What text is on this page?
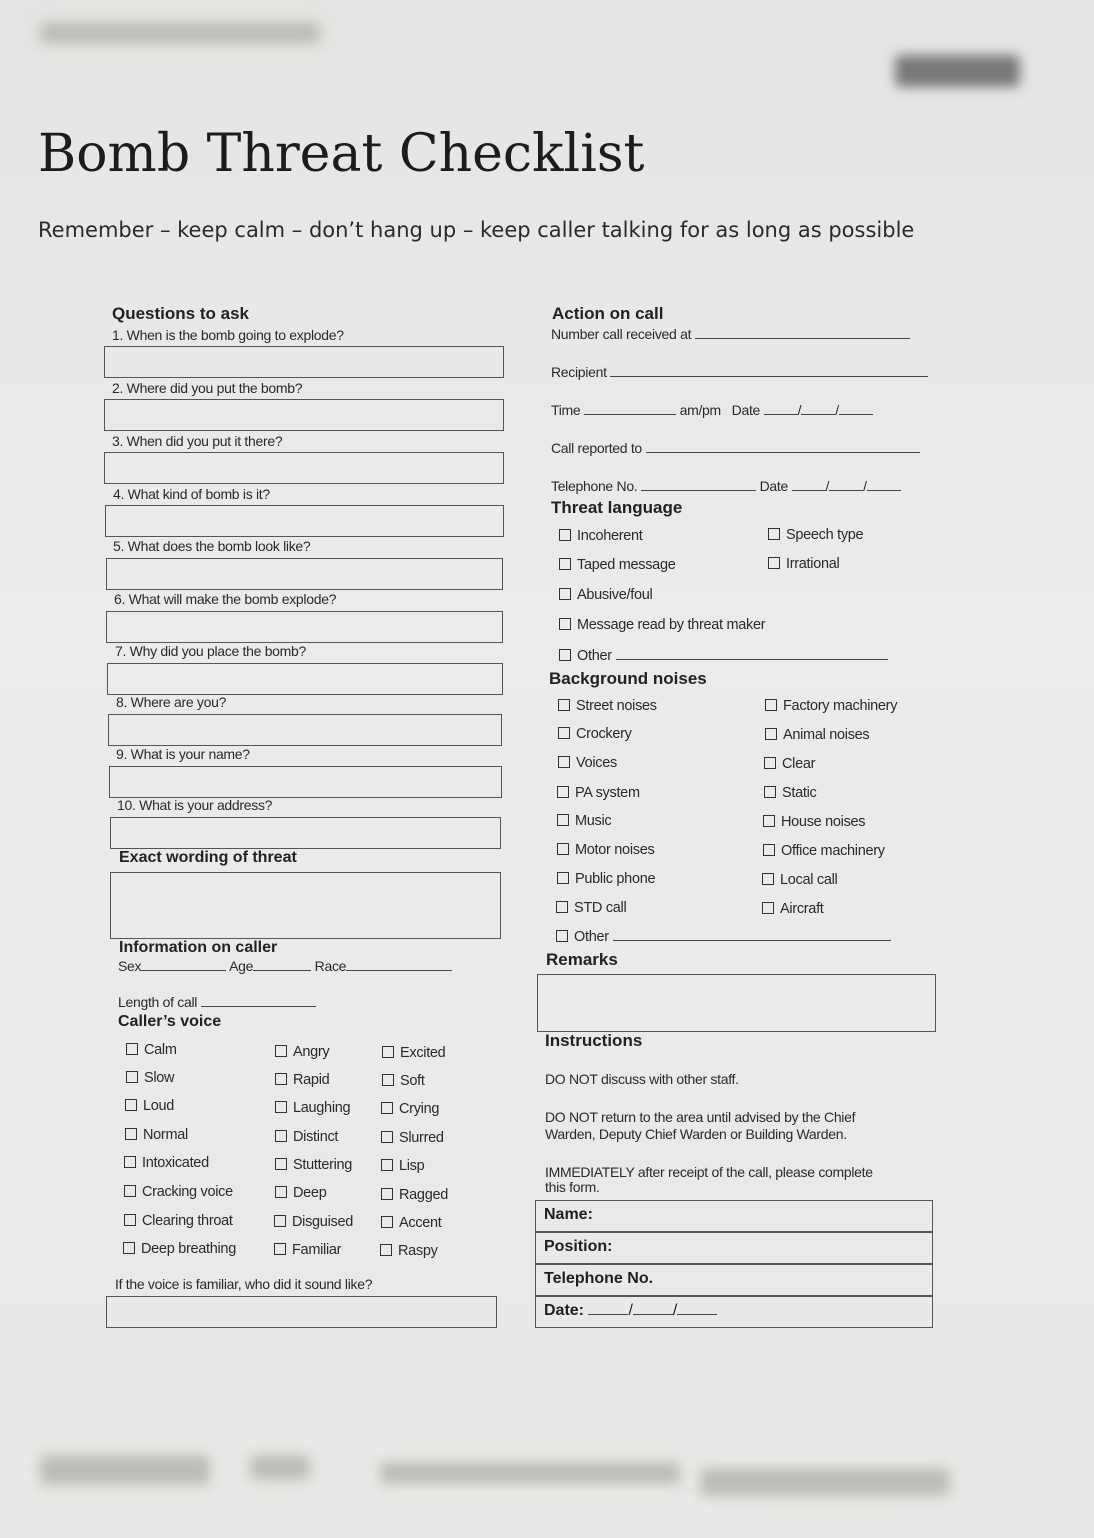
Bomb Threat Checklist
Remember – keep calm – don’t hang up – keep caller talking for as long as possible
Questions to ask
1. When is the bomb going to explode?
2. Where did you put the bomb?
3. When did you put it there?
4. What kind of bomb is it?
5. What does the bomb look like?
6. What will make the bomb explode?
7. Why did you place the bomb?
8. Where are you?
9. What is your name?
10. What is your address?
Exact wording of threat
Information on caller
Sex	Age	Race
Length of call
Caller’s voice
Calm
Slow
Loud
Normal
Intoxicated
Cracking voice
Clearing throat
Deep breathing
Angry
Rapid
Laughing
Distinct
Stuttering
Deep
Disguised
Familiar
Excited
Soft
Crying
Slurred
Lisp
Ragged
Accent
Raspy
If the voice is familiar, who did it sound like?
Action on call
Number call received at
Recipient
Time	am/pm Date	/ /
Call reported to
Telephone No.	Date	/ /
Threat language
Incoherent
Taped message
Abusive/foul
Message read by threat maker
Other
Speech type
Irrational
Background noises
Street noises
Crockery
Voices
PA system
Music
Motor noises
Public phone
STD call
Other
Factory machinery
Animal noises
Clear
Static
House noises
Office machinery
Local call
Aircraft
Remarks
Instructions
DO NOT discuss with other staff.
DO NOT return to the area until advised by the Chief
Warden, Deputy Chief Warden or Building Warden.
IMMEDIATELY after receipt of the call, please complete
this form.
Name:
Position:
Telephone No.
Date:	/	/
